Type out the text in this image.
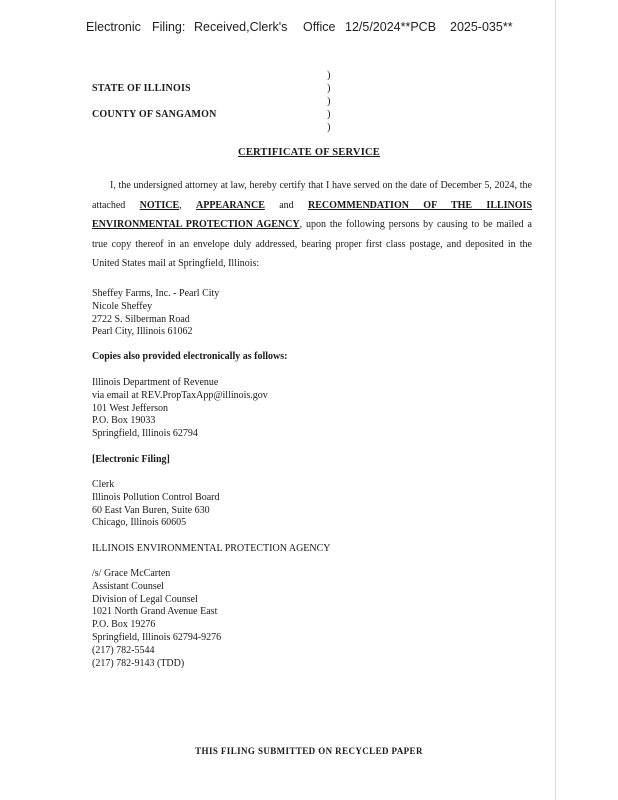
Electronic Filing: Received,Clerk's Office 12/5/2024**PCB 2025-035**
STATE OF ILLINOIS
COUNTY OF SANGAMON
)
)
)
)
)
CERTIFICATE OF SERVICE
I, the undersigned attorney at law, hereby certify that I have served on the date of December 5, 2024, the attached NOTICE, APPEARANCE and RECOMMENDATION OF THE ILLINOIS ENVIRONMENTAL PROTECTION AGENCY, upon the following persons by causing to be mailed a true copy thereof in an envelope duly addressed, bearing proper first class postage, and deposited in the United States mail at Springfield, Illinois:
Sheffey Farms, Inc. - Pearl City
Nicole Sheffey
2722 S. Silberman Road
Pearl City, Illinois 61062
Copies also provided electronically as follows:
Illinois Department of Revenue
via email at REV.PropTaxApp@illinois.gov
101 West Jefferson
P.O. Box 19033
Springfield, Illinois 62794
[Electronic Filing]
Clerk
Illinois Pollution Control Board
60 East Van Buren, Suite 630
Chicago, Illinois 60605
ILLINOIS ENVIRONMENTAL PROTECTION AGENCY
/s/ Grace McCarten
Assistant Counsel
Division of Legal Counsel
1021 North Grand Avenue East
P.O. Box 19276
Springfield, Illinois 62794-9276
(217) 782-5544
(217) 782-9143 (TDD)
THIS FILING SUBMITTED ON RECYCLED PAPER
